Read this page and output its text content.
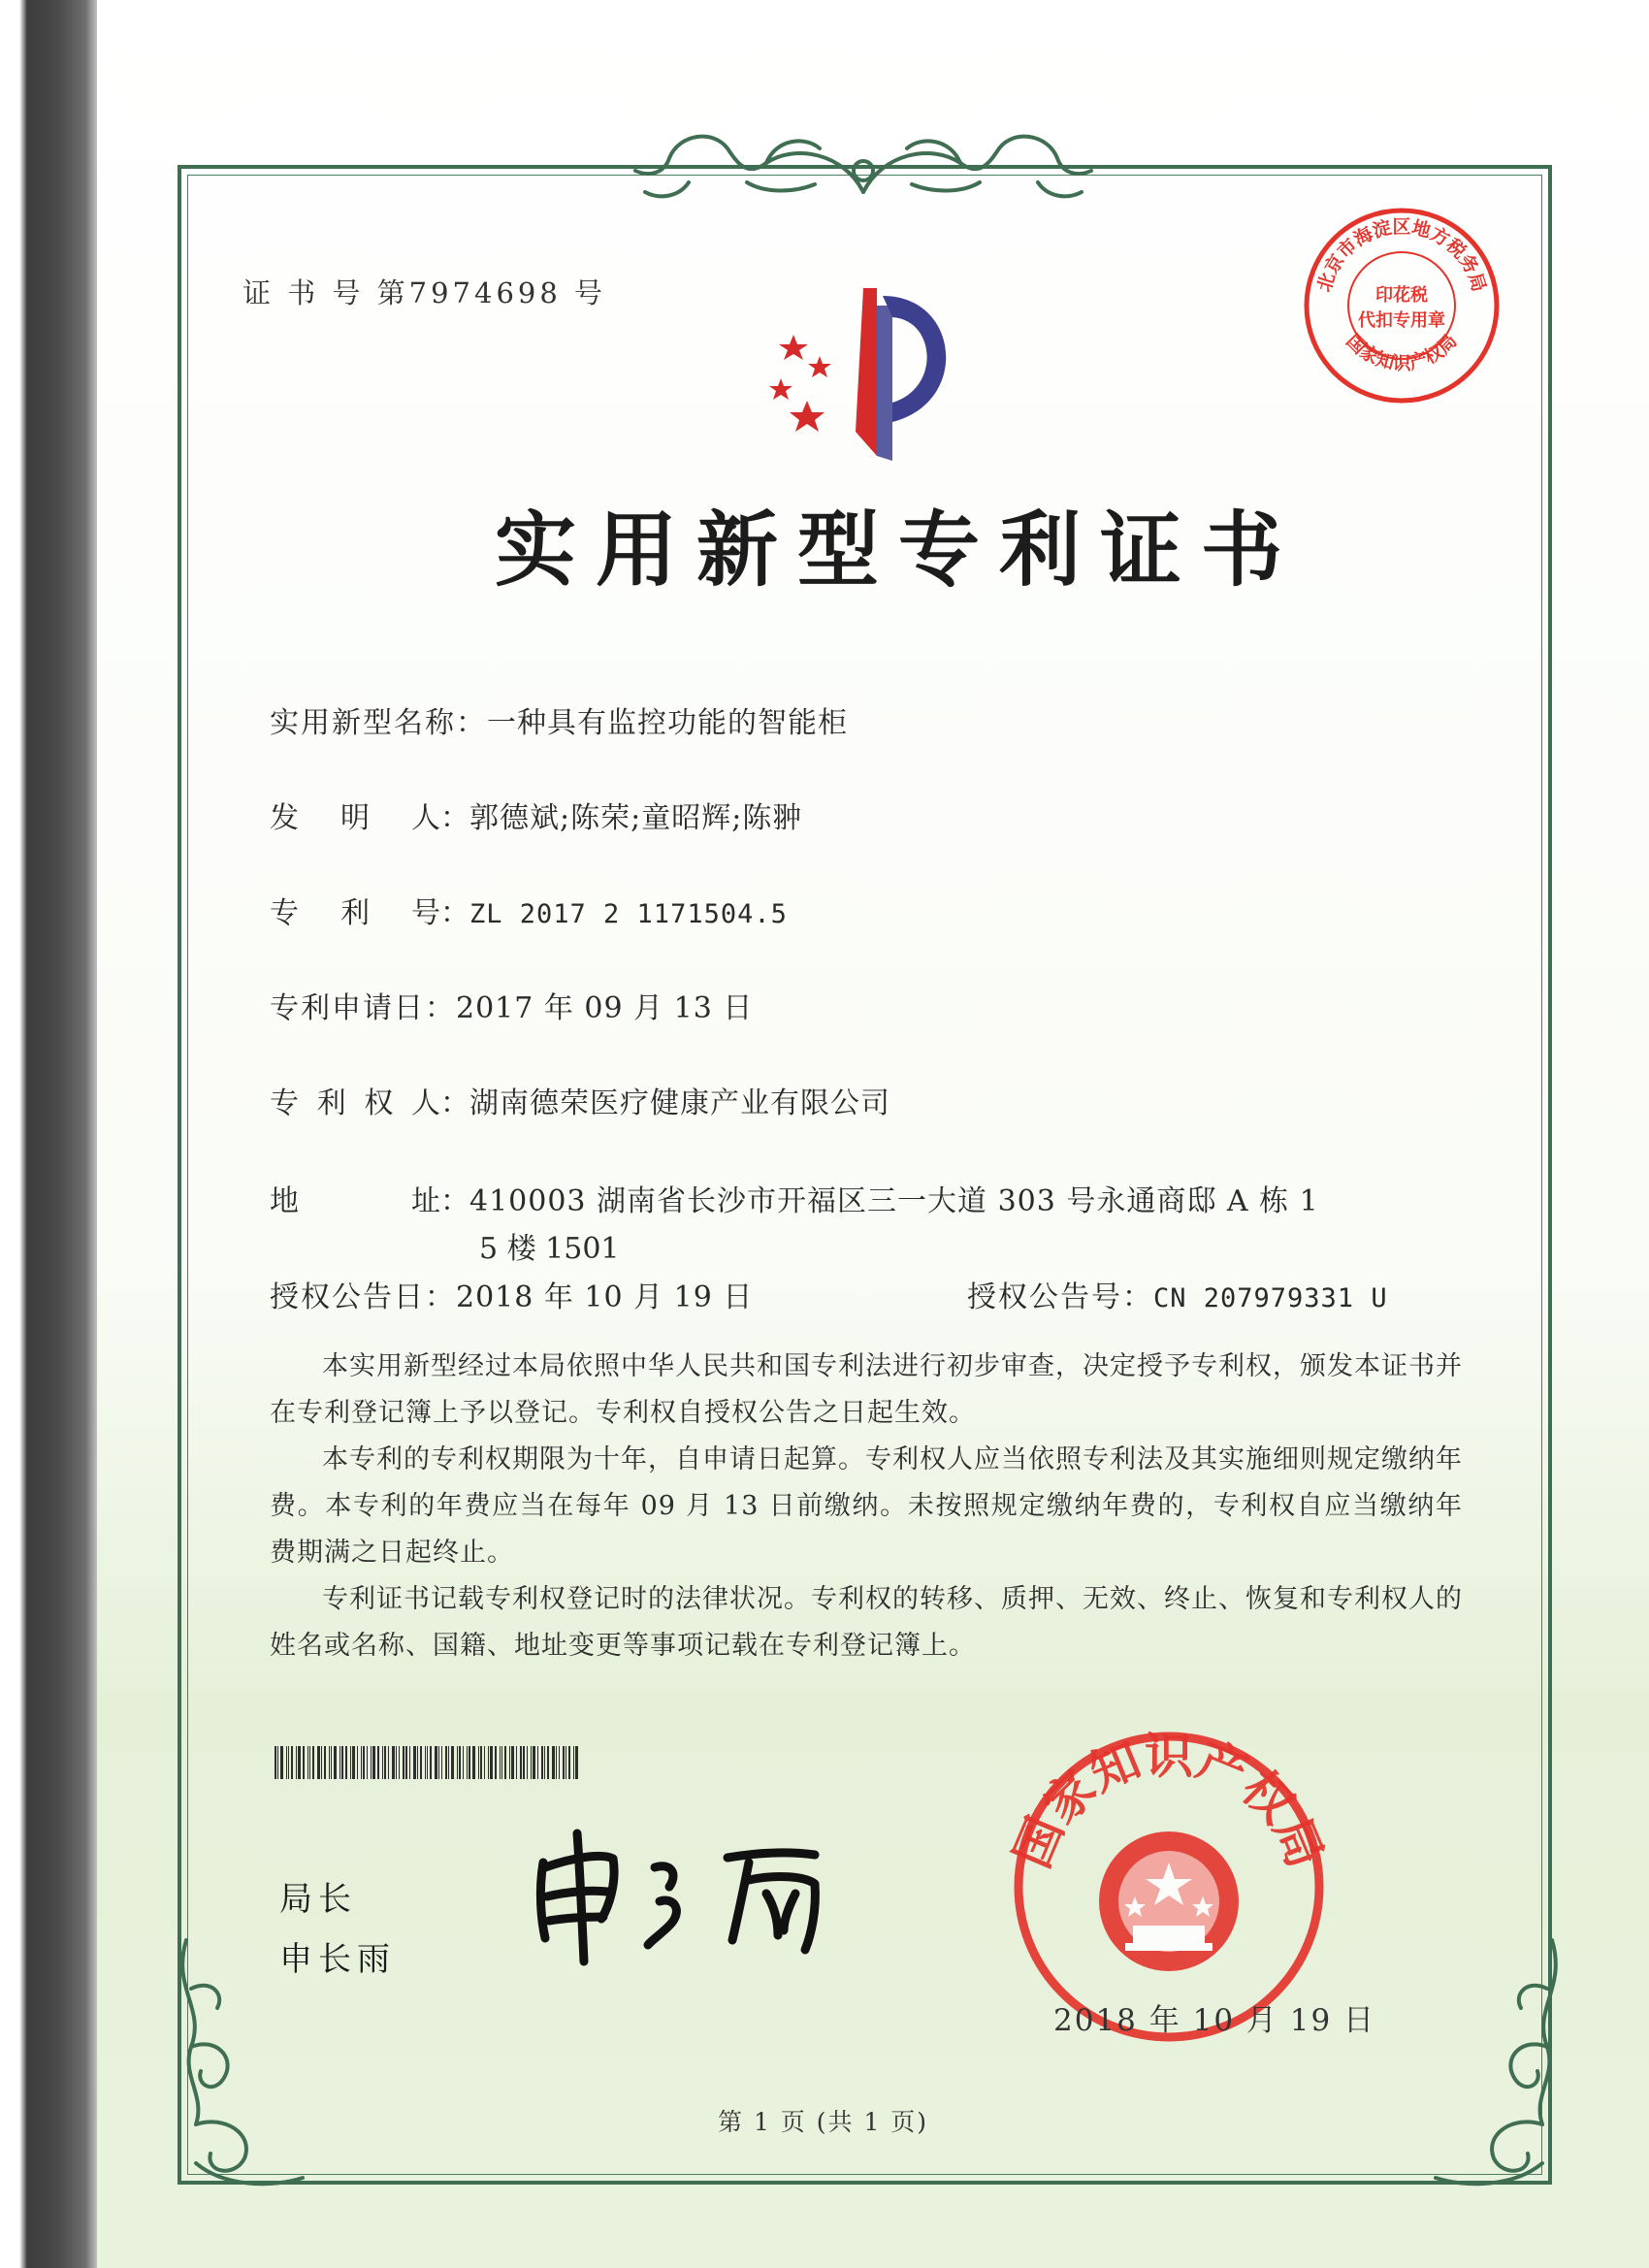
北京市海淀区地方税务局
国家知识产权局
印花税
代扣专用章
证 书 号 第7974698 号
实用新型专利证书
实用新型名称：一种具有监控功能的智能柜
发 明 人 ：郭德斌;陈荣;童昭辉;陈翀
专 利 号 ：ZL 2017 2 1171504.5
专利申请日：2017 年 09 月 13 日
专 利 权 人 ：湖南德荣医疗健康产业有限公司
地	址 ：410003 湖南省长沙市开福区三一大道 303 号永通商邸 A 栋 1
5 楼 1501
授权公告日：2018 年 10 月 19 日	授权公告号：CN 207979331 U

本实用新型经过本局依照中华人民共和国专利法进行初步审查，决定授予专利权，颁发本证书并在专利登记簿上予以登记。专利权自授权公告之日起生效。

本专利的专利权期限为十年，自申请日起算。专利权人应当依照专利法及其实施细则规定缴纳年费。本专利的年费应当在每年 09 月 13 日前缴纳。未按照规定缴纳年费的，专利权自应当缴纳年费期满之日起终止。

专利证书记载专利权登记时的法律状况。专利权的转移、质押、无效、终止、恢复和专利权人的姓名或名称、国籍、地址变更等事项记载在专利登记簿上。

局长
申长雨
国家知识产权局
2018 年 10 月 19 日
第 1 页 (共 1 页)
